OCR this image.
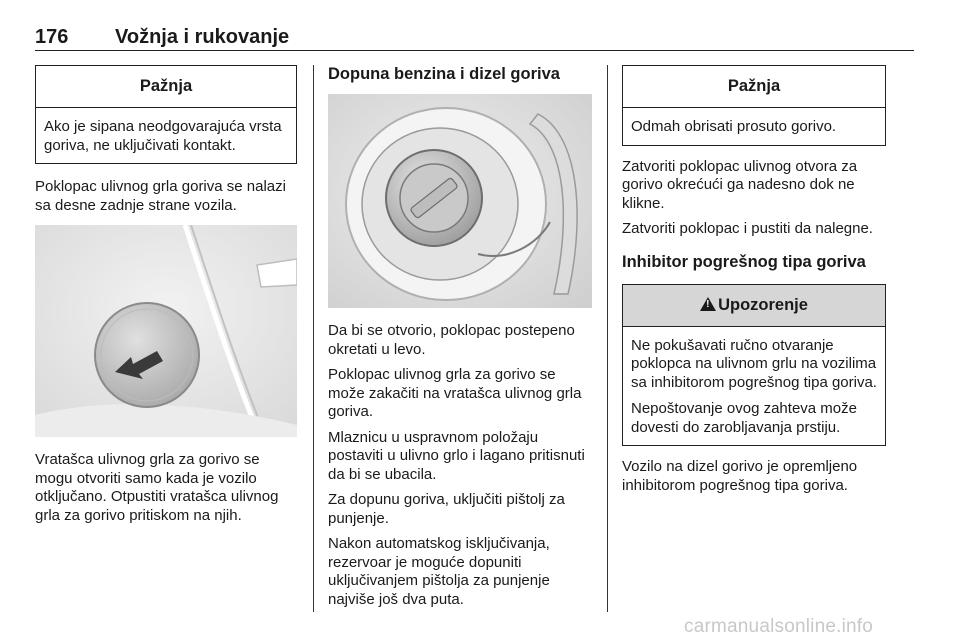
176 Vožnja i rukovanje
Pažnja

Ako je sipana neodgovarajuća vrsta goriva, ne uključivati kontakt.

Poklopac ulivnog grla goriva se nalazi sa desne zadnje strane vozila.

Vratašca ulivnog grla za gorivo se mogu otvoriti samo kada je vozilo otključano. Otpustiti vratašca ulivnog grla za gorivo pritiskom na njih.

Dopuna benzina i dizel goriva

Da bi se otvorio, poklopac postepeno okretati u levo.

Poklopac ulivnog grla za gorivo se može zakačiti na vratašca ulivnog grla goriva.

Mlaznicu u uspravnom položaju postaviti u ulivno grlo i lagano pritisnuti da bi se ubacila.

Za dopunu goriva, uključiti pištolj za punjenje.

Nakon automatskog isključivanja, rezervoar je moguće dopuniti uključivanjem pištolja za punjenje najviše još dva puta.

Pažnja

Odmah obrisati prosuto gorivo.

Zatvoriti poklopac ulivnog otvora za gorivo okrećući ga nadesno dok ne klikne.

Zatvoriti poklopac i pustiti da nalegne.

Inhibitor pogrešnog tipa goriva
!Upozorenje

Ne pokušavati ručno otvaranje poklopca na ulivnom grlu na vozilima sa inhibitorom pogrešnog tipa goriva.

Nepoštovanje ovog zahteva može dovesti do zarobljavanja prstiju.

Vozilo na dizel gorivo je opremljeno inhibitorom pogrešnog tipa goriva.

carmanualsonline.info
